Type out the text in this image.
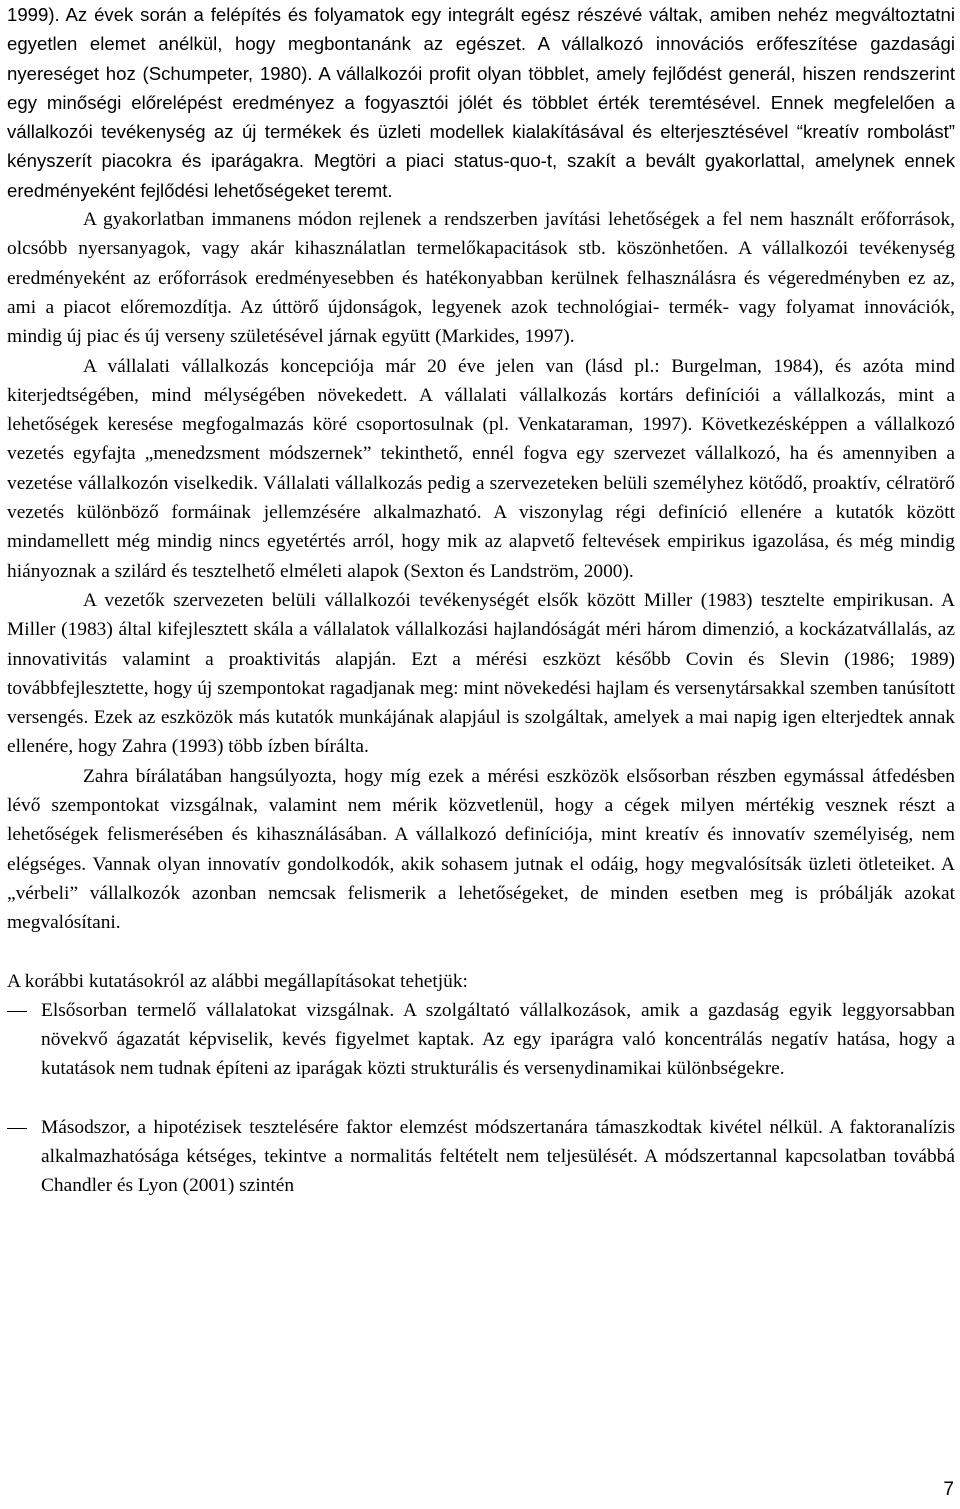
1999). Az évek során a felépítés és folyamatok egy integrált egész részévé váltak, amiben nehéz megváltoztatni egyetlen elemet anélkül, hogy megbontanánk az egészet. A vállalkozó innovációs erőfeszítése gazdasági nyereséget hoz (Schumpeter, 1980). A vállalkozói profit olyan többlet, amely fejlődést generál, hiszen rendszerint egy minőségi előrelépést eredményez a fogyasztói jólét és többlet érték teremtésével. Ennek megfelelően a vállalkozói tevékenység az új termékek és üzleti modellek kialakításával és elterjesztésével “kreatív rombolást” kényszerít piacokra és iparágakra. Megtöri a piaci status-quo-t, szakít a bevált gyakorlattal, amelynek ennek eredményeként fejlődési lehetőségeket teremt.

A gyakorlatban immanens módon rejlenek a rendszerben javítási lehetőségek a fel nem használt erőforrások, olcsóbb nyersanyagok, vagy akár kihasználatlan termelőkapacitások stb. köszönhetően. A vállalkozói tevékenység eredményeként az erőforrások eredményesebben és hatékonyabban kerülnek felhasználásra és végeredményben ez az, ami a piacot előremozdítja. Az úttörő újdonságok, legyenek azok technológiai- termék- vagy folyamat innovációk, mindig új piac és új verseny születésével járnak együtt (Markides, 1997).

A vállalati vállalkozás koncepciója már 20 éve jelen van (lásd pl.: Burgelman, 1984), és azóta mind kiterjedtségében, mind mélységében növekedett. A vállalati vállalkozás kortárs definíciói a vállalkozás, mint a lehetőségek keresése megfogalmazás köré csoportosulnak (pl. Venkataraman, 1997). Következésképpen a vállalkozó vezetés egyfajta „menedzsment módszernek” tekinthető, ennél fogva egy szervezet vállalkozó, ha és amennyiben a vezetése vállalkozón viselkedik. Vállalati vállalkozás pedig a szervezeteken belüli személyhez kötődő, proaktív, célratörő vezetés különböző formáinak jellemzésére alkalmazható. A viszonylag régi definíció ellenére a kutatók között mindamellett még mindig nincs egyetértés arról, hogy mik az alapvető feltevések empirikus igazolása, és még mindig hiányoznak a szilárd és tesztelhető elméleti alapok (Sexton és Landström, 2000).

A vezetők szervezeten belüli vállalkozói tevékenységét elsők között Miller (1983) tesztelte empirikusan. A Miller (1983) által kifejlesztett skála a vállalatok vállalkozási hajlandóságát méri három dimenzió, a kockázatvállalás, az innovativitás valamint a proaktivitás alapján. Ezt a mérési eszközt később Covin és Slevin (1986; 1989) továbbfejlesztette, hogy új szempontokat ragadjanak meg: mint növekedési hajlam és versenytársakkal szemben tanúsított versengés. Ezek az eszközök más kutatók munkájának alapjául is szolgáltak, amelyek a mai napig igen elterjedtek annak ellenére, hogy Zahra (1993) több ízben bírálta.

Zahra bírálatában hangsúlyozta, hogy míg ezek a mérési eszközök elsősorban részben egymással átfedésben lévő szempontokat vizsgálnak, valamint nem mérik közvetlenül, hogy a cégek milyen mértékig vesznek részt a lehetőségek felismerésében és kihasználásában. A vállalkozó definíciója, mint kreatív és innovatív személyiség, nem elégséges. Vannak olyan innovatív gondolkodók, akik sohasem jutnak el odáig, hogy megvalósítsák üzleti ötleteiket. A „vérbeli” vállalkozók azonban nemcsak felismerik a lehetőségeket, de minden esetben meg is próbálják azokat megvalósítani.

A korábbi kutatásokról az alábbi megállapításokat tehetjük:

Elsősorban termelő vállalatokat vizsgálnak. A szolgáltató vállalkozások, amik a gazdaság egyik leggyorsabban növekvő ágazatát képviselik, kevés figyelmet kaptak. Az egy iparágra való koncentrálás negatív hatása, hogy a kutatások nem tudnak építeni az iparágak közti strukturális és versenydinamikai különbségekre.

Másodszor, a hipotézisek tesztelésére faktor elemzést módszertanára támaszkodtak kivétel nélkül. A faktoranalízis alkalmazhatósága kétséges, tekintve a normalitás feltételt nem teljesülését. A módszertannal kapcsolatban továbbá Chandler és Lyon (2001) szintén

7
